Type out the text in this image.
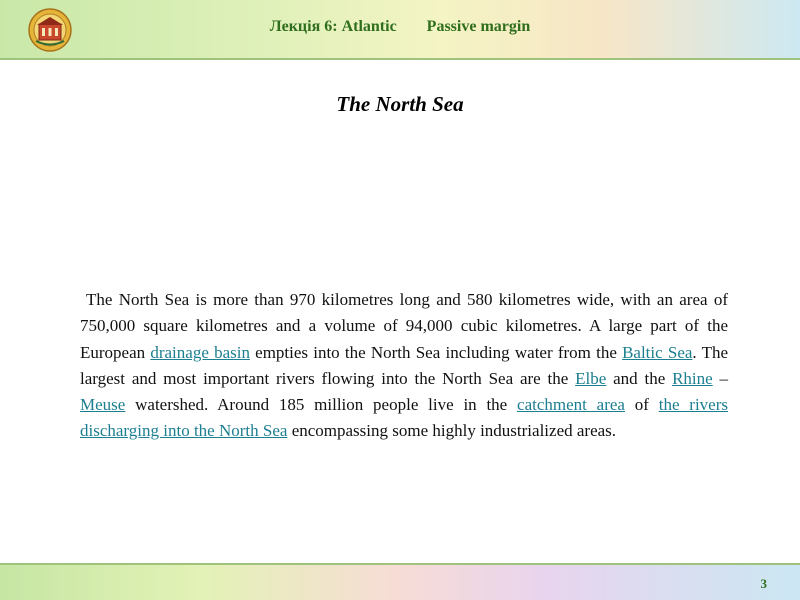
Лекція 6: Atlantic Passive margin
The North Sea

The North Sea is more than 970 kilometres long and 580 kilometres wide, with an area of 750,000 square kilometres and a volume of 94,000 cubic kilometres. A large part of the European drainage basin empties into the North Sea including water from the Baltic Sea. The largest and most important rivers flowing into the North Sea are the Elbe and the Rhine – Meuse watershed. Around 185 million people live in the catchment area of the rivers discharging into the North Sea encompassing some highly industrialized areas.

3
